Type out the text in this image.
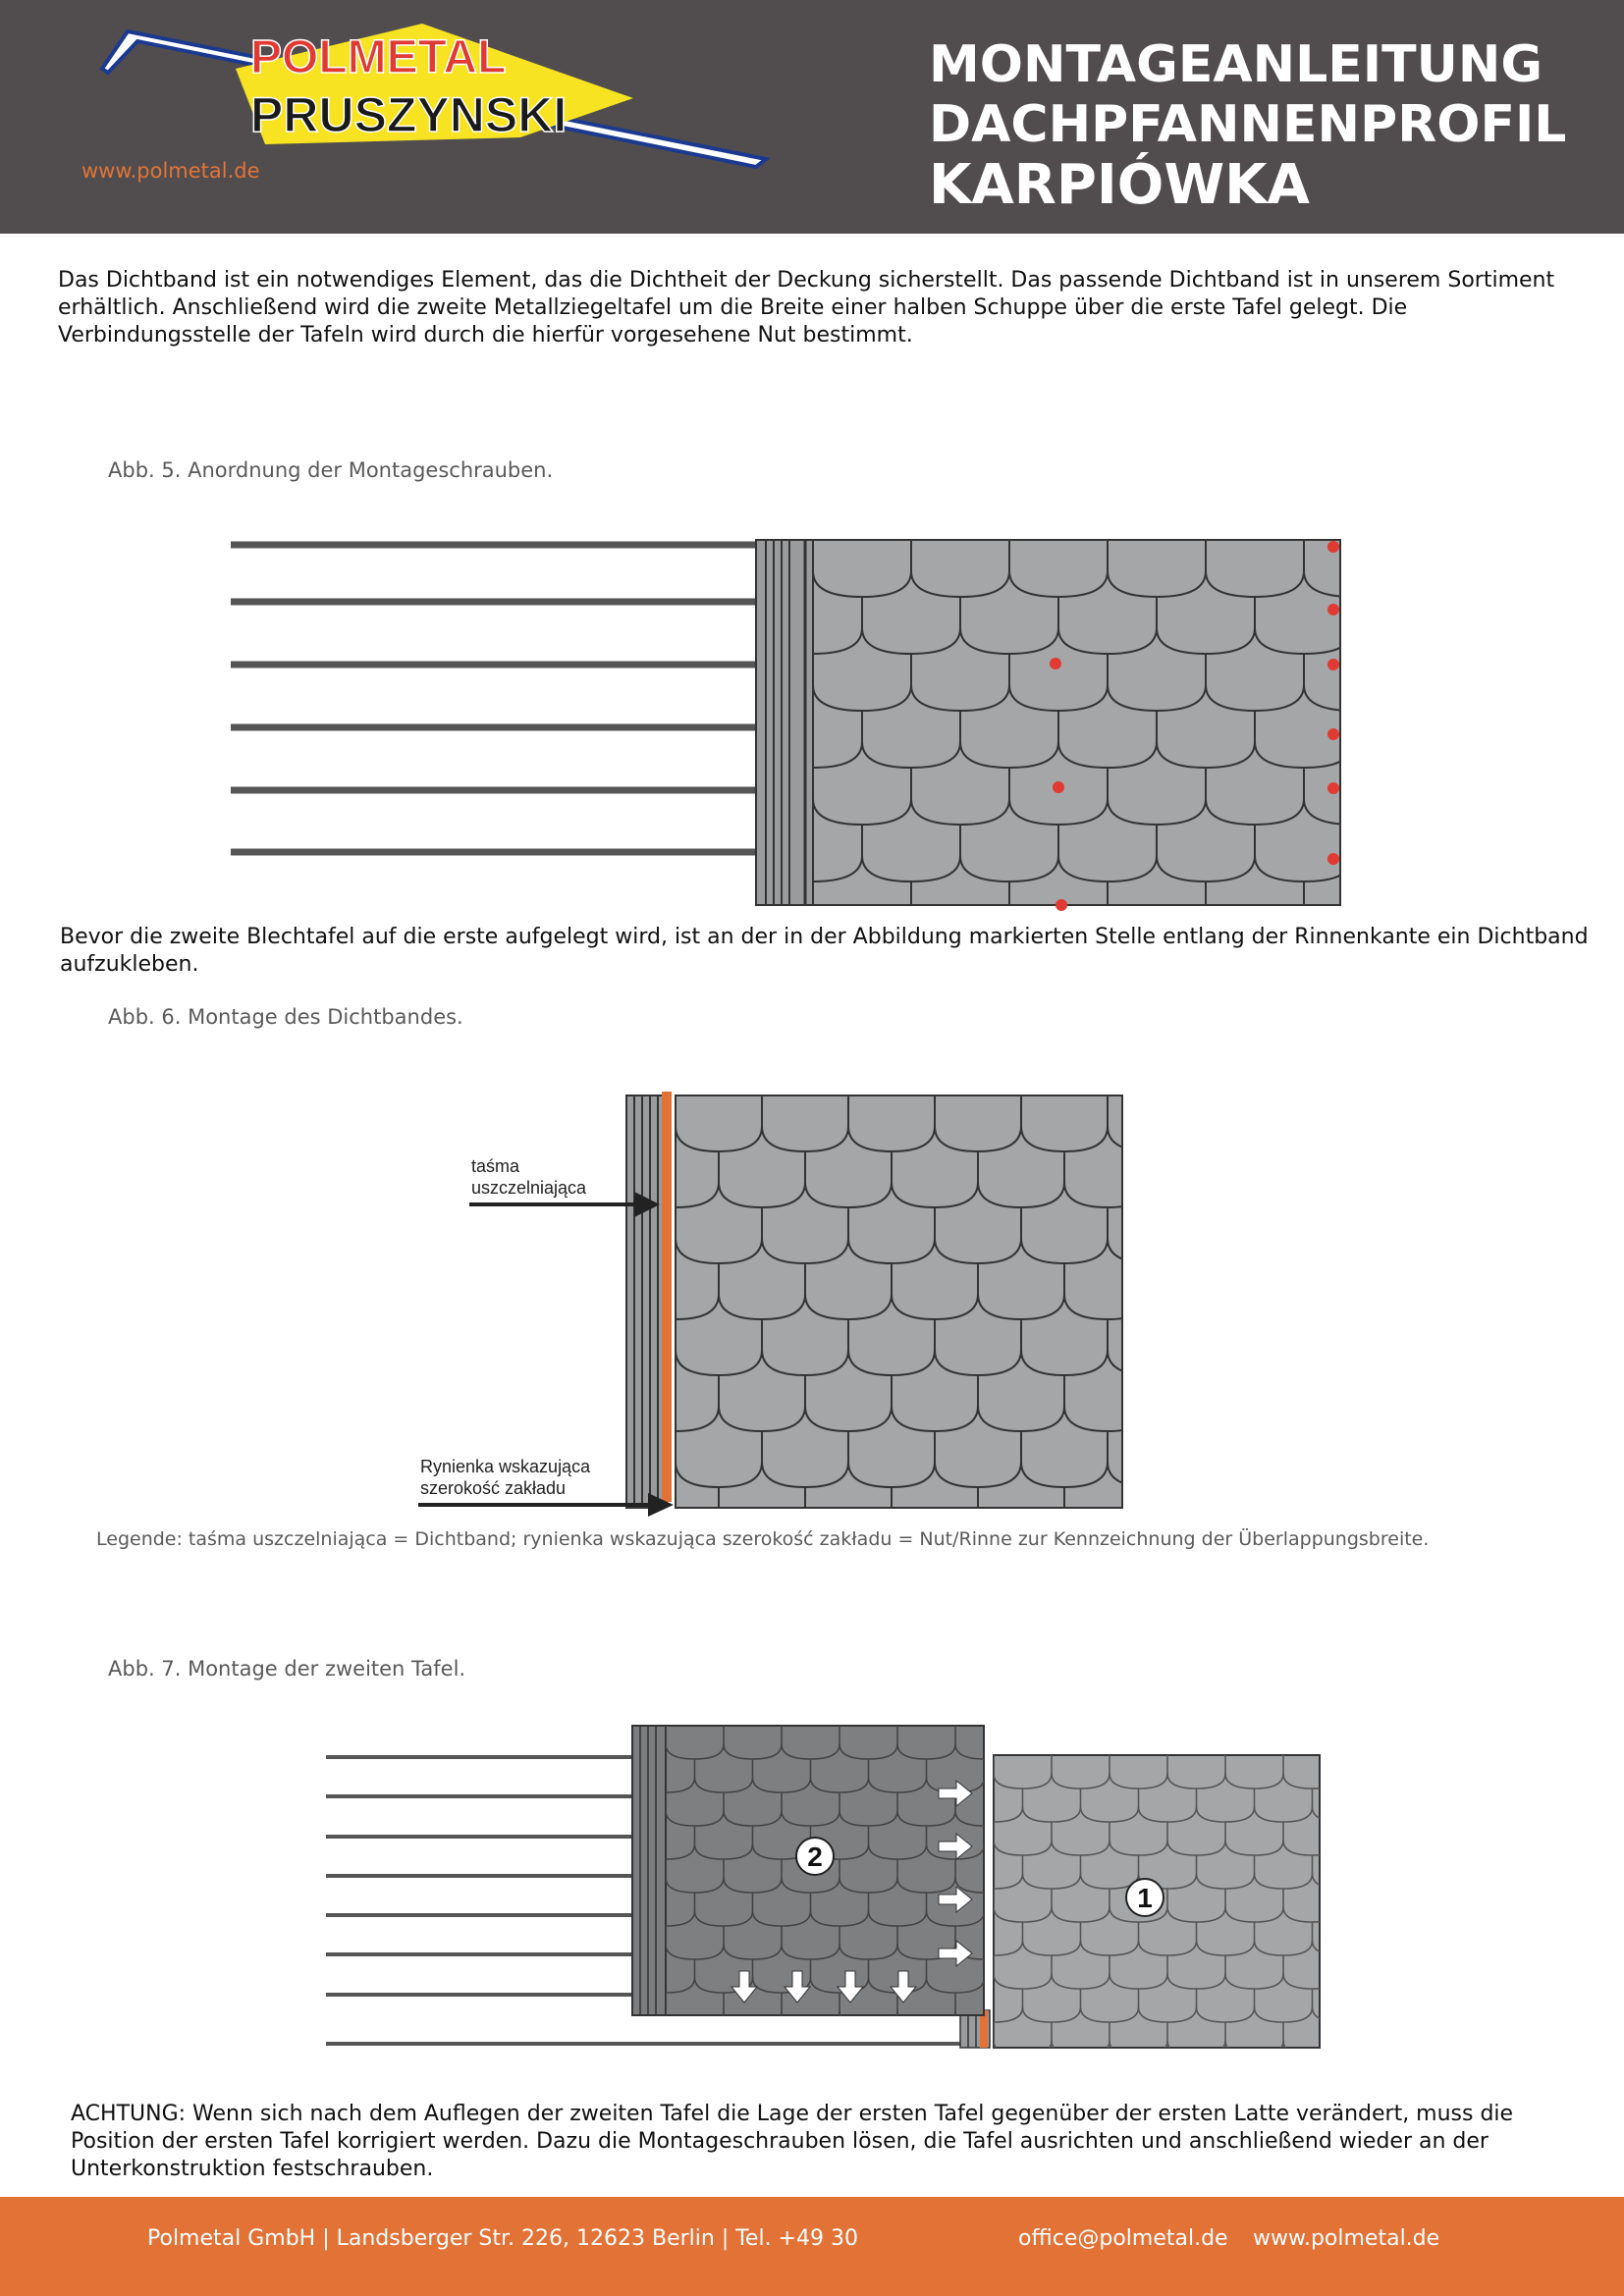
POLMETAL
PRUSZYNSKI
www.polmetal.de
MONTAGEANLEITUNG
DACHPFANNENPROFIL
KARPIÓWKA
Das Dichtband ist ein notwendiges Element, das die Dichtheit der Deckung sicherstellt. Das passende Dichtband ist in unserem Sortiment erhältlich. Anschließend wird die zweite Metallziegeltafel um die Breite einer halben Schuppe über die erste Tafel gelegt. Die Verbindungsstelle der Tafeln wird durch die hierfür vorgesehene Nut bestimmt.
Abb. 5. Anordnung der Montageschrauben.
Bevor die zweite Blechtafel auf die erste aufgelegt wird, ist an der in der Abbildung markierten Stelle entlang der Rinnenkante ein Dichtband aufzukleben.
Abb. 6. Montage des Dichtbandes.
taśma
uszczelniająca
Rynienka wskazująca
szerokość zakładu
Legende: taśma uszczelniająca = Dichtband; rynienka wskazująca szerokość zakładu = Nut/Rinne zur Kennzeichnung der Überlappungsbreite.
Abb. 7. Montage der zweiten Tafel.
2
1
ACHTUNG: Wenn sich nach dem Auflegen der zweiten Tafel die Lage der ersten Tafel gegenüber der ersten Latte verändert, muss die Position der ersten Tafel korrigiert werden. Dazu die Montageschrauben lösen, die Tafel ausrichten und anschließend wieder an der Unterkonstruktion festschrauben.
Polmetal GmbH | Landsberger Str. 226, 12623 Berlin | Tel. +49 30	office@polmetal.de www.polmetal.de
